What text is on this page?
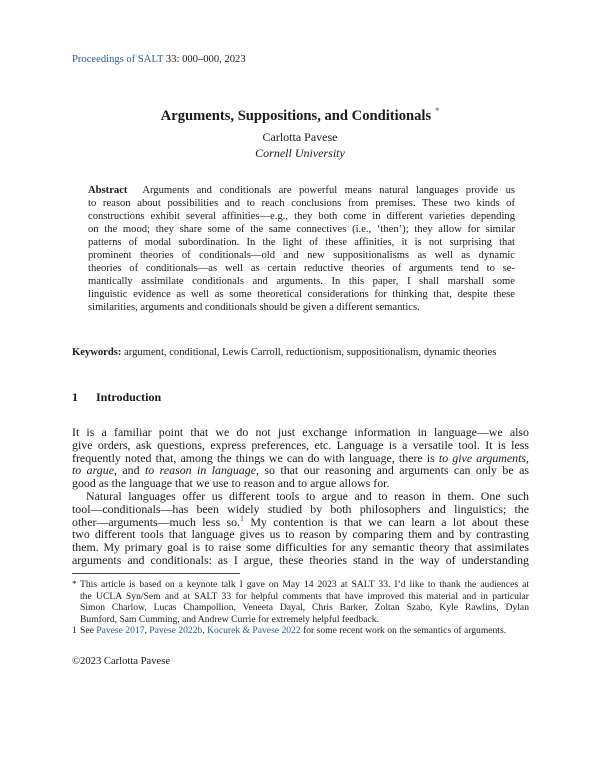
Proceedings of SALT 33: 000–000, 2023
Arguments, Suppositions, and Conditionals *
Carlotta Pavese
Cornell University
Abstract Arguments and conditionals are powerful means natural languages provide us
to reason about possibilities and to reach conclusions from premises. These two kinds of
constructions exhibit several affinities—e.g., they both come in different varieties depending
on the mood; they share some of the same connectives (i.e., ‘then’); they allow for similar
patterns of modal subordination. In the light of these affinities, it is not surprising that
prominent theories of conditionals—old and new suppositionalisms as well as dynamic
theories of conditionals—as well as certain reductive theories of arguments tend to se-
mantically assimilate conditionals and arguments. In this paper, I shall marshall some
linguistic evidence as well as some theoretical considerations for thinking that, despite these
similarities, arguments and conditionals should be given a different semantics.
Keywords: argument, conditional, Lewis Carroll, reductionism, suppositionalism, dynamic theories
1 Introduction
It is a familiar point that we do not just exchange information in language—we also
give orders, ask questions, express preferences, etc. Language is a versatile tool. It is less
frequently noted that, among the things we can do with language, there is to give arguments,
to argue, and to reason in language, so that our reasoning and arguments can only be as
good as the language that we use to reason and to argue allows for.
Natural languages offer us different tools to argue and to reason in them. One such
tool—conditionals—has been widely studied by both philosophers and linguistics; the
other—arguments—much less so.$^1$ My contention is that we can learn a lot about these
two different tools that language gives us to reason by comparing them and by contrasting
them. My primary goal is to raise some difficulties for any semantic theory that assimilates
arguments and conditionals: as I argue, these theories stand in the way of understanding
* This article is based on a keynote talk I gave on May 14 2023 at SALT 33. I’d like to thank the audiences at
the UCLA Syn/Sem and at SALT 33 for helpful comments that have improved this material and in particular
Simon Charlow, Lucas Champollion, Veneeta Dayal, Chris Barker, Zoltan Szabo, Kyle Rawlins, Dylan
Bumford, Sam Cumming, and Andrew Currie for extremely helpful feedback.
1 See Pavese 2017, Pavese 2022b, Kocurek & Pavese 2022 for some recent work on the semantics of arguments.
©2023 Carlotta Pavese
